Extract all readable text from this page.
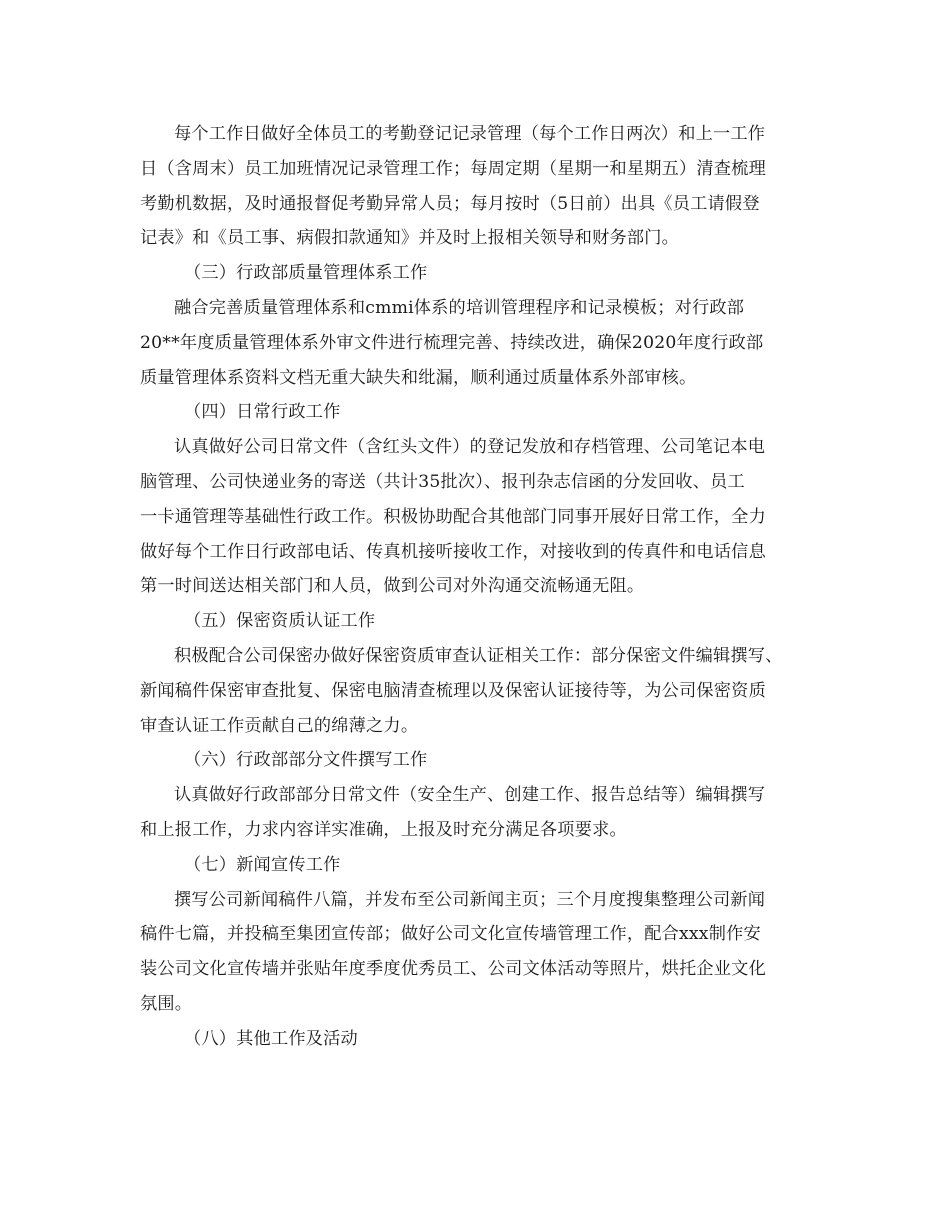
每个工作日做好全体员工的考勤登记记录管理（每个工作日两次）和上一工作
日（含周末）员工加班情况记录管理工作；每周定期（星期一和星期五）清查梳理
考勤机数据，及时通报督促考勤异常人员；每月按时（5日前）出具《员工请假登
记表》和《员工事、病假扣款通知》并及时上报相关领导和财务部门。
（三）行政部质量管理体系工作
融合完善质量管理体系和cmmi体系的培训管理程序和记录模板；对行政部
20**年度质量管理体系外审文件进行梳理完善、持续改进，确保2020年度行政部
质量管理体系资料文档无重大缺失和纰漏，顺利通过质量体系外部审核。
（四）日常行政工作
认真做好公司日常文件（含红头文件）的登记发放和存档管理、公司笔记本电
脑管理、公司快递业务的寄送（共计35批次）、报刊杂志信函的分发回收、员工
一卡通管理等基础性行政工作。积极协助配合其他部门同事开展好日常工作，全力
做好每个工作日行政部电话、传真机接听接收工作，对接收到的传真件和电话信息
第一时间送达相关部门和人员，做到公司对外沟通交流畅通无阻。
（五）保密资质认证工作
积极配合公司保密办做好保密资质审查认证相关工作：部分保密文件编辑撰写、
新闻稿件保密审查批复、保密电脑清查梳理以及保密认证接待等，为公司保密资质
审查认证工作贡献自己的绵薄之力。
（六）行政部部分文件撰写工作
认真做好行政部部分日常文件（安全生产、创建工作、报告总结等）编辑撰写
和上报工作，力求内容详实准确，上报及时充分满足各项要求。
（七）新闻宣传工作
撰写公司新闻稿件八篇，并发布至公司新闻主页；三个月度搜集整理公司新闻
稿件七篇，并投稿至集团宣传部；做好公司文化宣传墙管理工作，配合xxx制作安
装公司文化宣传墙并张贴年度季度优秀员工、公司文体活动等照片，烘托企业文化
氛围。
（八）其他工作及活动
